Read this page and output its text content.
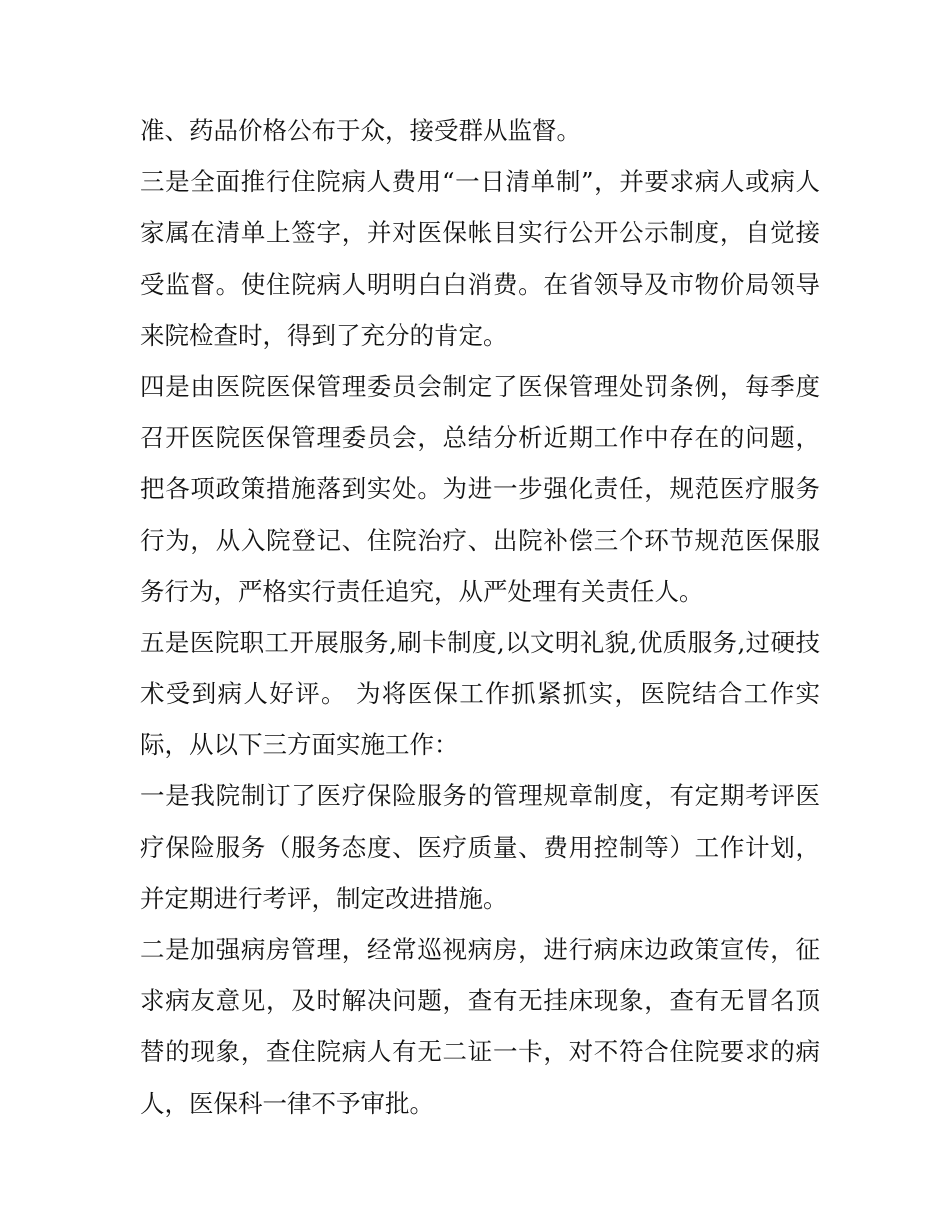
准、药品价格公布于众，接受群从监督。
三是全面推行住院病人费用“一日清单制”，并要求病人或病人
家属在清单上签字，并对医保帐目实行公开公示制度，自觉接
受监督。使住院病人明明白白消费。在省领导及市物价局领导
来院检查时，得到了充分的肯定。
四是由医院医保管理委员会制定了医保管理处罚条例，每季度
召开医院医保管理委员会，总结分析近期工作中存在的问题，
把各项政策措施落到实处。为进一步强化责任，规范医疗服务
行为，从入院登记、住院治疗、出院补偿三个环节规范医保服
务行为，严格实行责任追究，从严处理有关责任人。
五是医院职工开展服务,刷卡制度,以文明礼貌,优质服务,过硬技
术受到病人好评。 为将医保工作抓紧抓实，医院结合工作实
际，从以下三方面实施工作：
一是我院制订了医疗保险服务的管理规章制度，有定期考评医
疗保险服务（服务态度、医疗质量、费用控制等）工作计划，
并定期进行考评，制定改进措施。
二是加强病房管理，经常巡视病房，进行病床边政策宣传，征
求病友意见，及时解决问题，查有无挂床现象，查有无冒名顶
替的现象，查住院病人有无二证一卡，对不符合住院要求的病
人，医保科一律不予审批。
